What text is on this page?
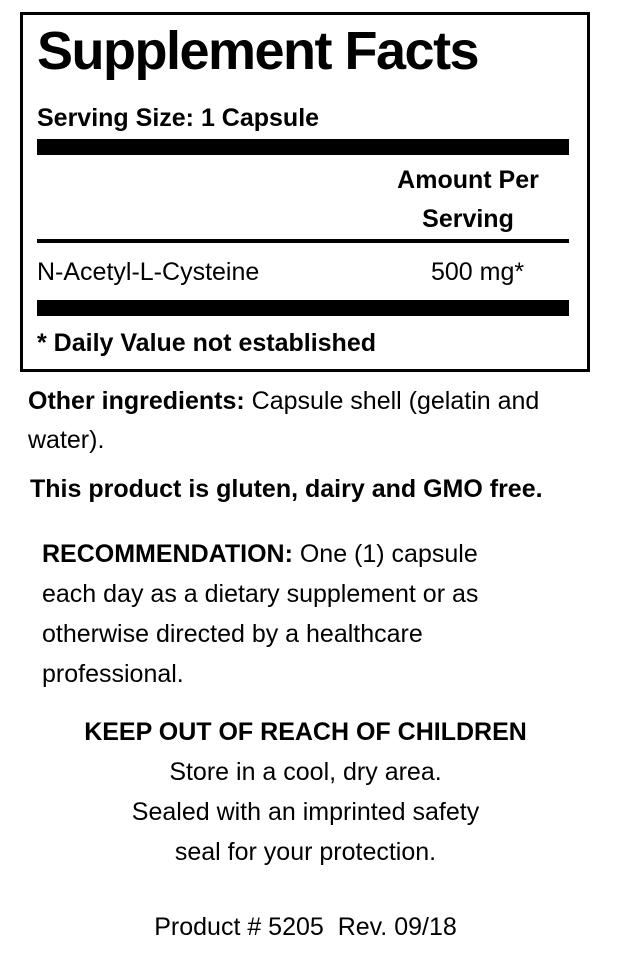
Supplement Facts
Serving Size: 1 Capsule
Amount Per
Serving
N-Acetyl-L-Cysteine	500 mg*
* Daily Value not established
Other ingredients: Capsule shell (gelatin and water).
This product is gluten, dairy and GMO free.
RECOMMENDATION: One (1) capsule
each day as a dietary supplement or as
otherwise directed by a healthcare
professional.
KEEP OUT OF REACH OF CHILDREN
Store in a cool, dry area.
Sealed with an imprinted safety
seal for your protection.
Product # 5205  Rev. 09/18
